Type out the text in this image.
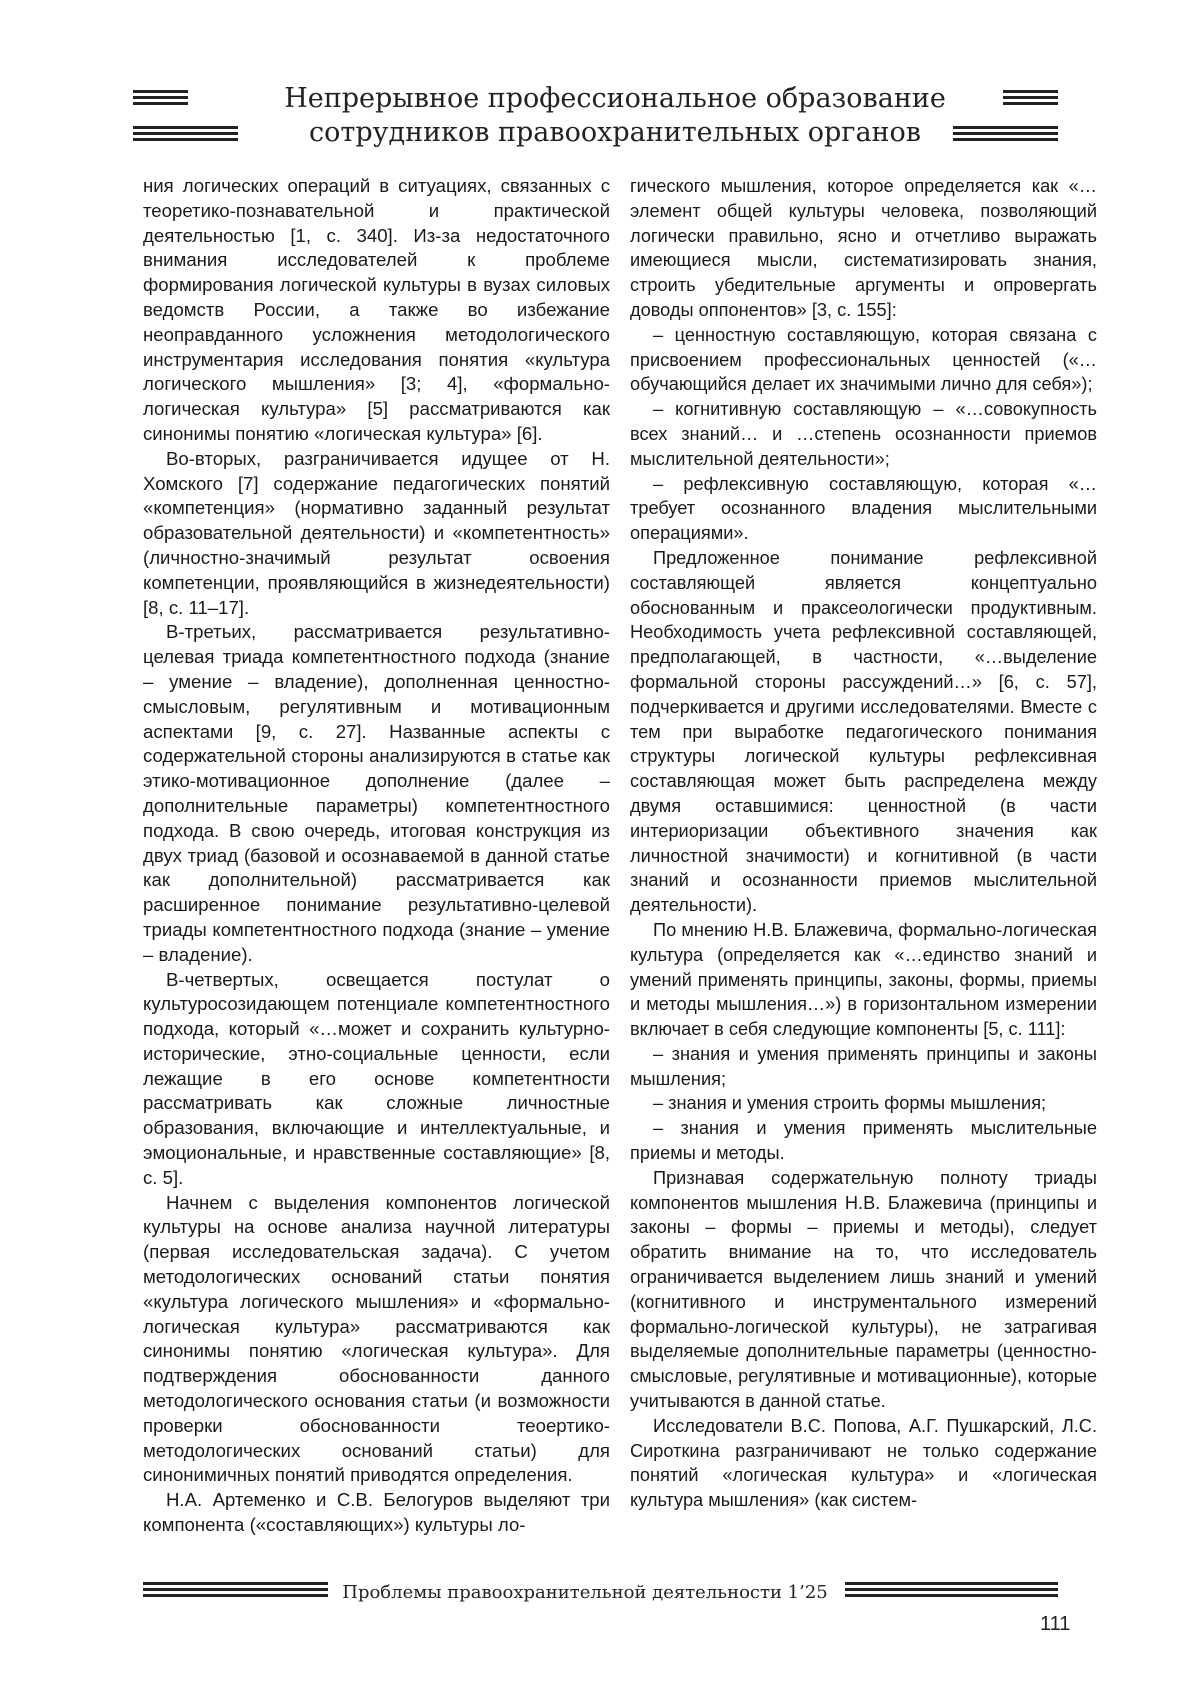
Непрерывное профессиональное образование
сотрудников правоохранительных органов

ния логических операций в ситуациях, связанных с теоретико-познавательной и практической деятельностью [1, с. 340]. Из-за недостаточного внимания исследователей к проблеме формирования логической культуры в вузах силовых ведомств России, а также во избежание неоправданного усложнения методологического инструментария исследования понятия «культура логического мышления» [3; 4], «формально-логическая культура» [5] рассматриваются как синонимы понятию «логическая культура» [6].

Во-вторых, разграничивается идущее от Н. Хомского [7] содержание педагогических понятий «компетенция» (нормативно заданный результат образовательной деятельности) и «компетентность» (личностно-значимый результат освоения компетенции, проявляющийся в жизнедеятельности) [8, с. 11–17].

В-третьих, рассматривается результативно-целевая триада компетентностного подхода (знание – умение – владение), дополненная ценностно-смысловым, регулятивным и мотивационным аспектами [9, с. 27]. Названные аспекты с содержательной стороны анализируются в статье как этико-мотивационное дополнение (далее – дополнительные параметры) компетентностного подхода. В свою очередь, итоговая конструкция из двух триад (базовой и осознаваемой в данной статье как дополнительной) рассматривается как расширенное понимание результативно-целевой триады компетентностного подхода (знание – умение – владение).

В-четвертых, освещается постулат о культуросозидающем потенциале компетентностного подхода, который «…может и сохранить культурно-исторические, этно-социальные ценности, если лежащие в его основе компетентности рассматривать как сложные личностные образования, включающие и интеллектуальные, и эмоциональные, и нравственные составляющие» [8, с. 5].

Начнем с выделения компонентов логической культуры на основе анализа научной литературы (первая исследовательская задача). С учетом методологических оснований статьи понятия «культура логического мышления» и «формально-логическая культура» рассматриваются как синонимы понятию «логическая культура». Для подтверждения обоснованности данного методологического основания статьи (и возможности проверки обоснованности теоертико-методологических оснований статьи) для синонимичных понятий приводятся определения.

Н.А. Артеменко и С.В. Белогуров выделяют три компонента («составляющих») культуры ло-

гического мышления, которое определяется как «…элемент общей культуры человека, позволяющий логически правильно, ясно и отчетливо выражать имеющиеся мысли, систематизировать знания, строить убедительные аргументы и опровергать доводы оппонентов» [3, с. 155]:

– ценностную составляющую, которая связана с присвоением профессиональных ценностей («…обучающийся делает их значимыми лично для себя»);

– когнитивную составляющую – «…совокупность всех знаний… и …степень осознанности приемов мыслительной деятельности»;

– рефлексивную составляющую, которая «…требует осознанного владения мыслительными операциями».

Предложенное понимание рефлексивной составляющей является концептуально обоснованным и праксеологически продуктивным. Необходимость учета рефлексивной составляющей, предполагающей, в частности, «…выделение формальной стороны рассуждений…» [6, с. 57], подчеркивается и другими исследователями. Вместе с тем при выработке педагогического понимания структуры логической культуры рефлексивная составляющая может быть распределена между двумя оставшимися: ценностной (в части интериоризации объективного значения как личностной значимости) и когнитивной (в части знаний и осознанности приемов мыслительной деятельности).

По мнению Н.В. Блажевича, формально-логическая культура (определяется как «…единство знаний и умений применять принципы, законы, формы, приемы и методы мышления…») в горизонтальном измерении включает в себя следующие компоненты [5, с. 111]:

– знания и умения применять принципы и законы мышления;

– знания и умения строить формы мышления;

– знания и умения применять мыслительные приемы и методы.

Признавая содержательную полноту триады компонентов мышления Н.В. Блажевича (принципы и законы – формы – приемы и методы), следует обратить внимание на то, что исследователь ограничивается выделением лишь знаний и умений (когнитивного и инструментального измерений формально-логической культуры), не затрагивая выделяемые дополнительные параметры (ценностно-смысловые, регулятивные и мотивационные), которые учитываются в данной статье.

Исследователи В.С. Попова, А.Г. Пушкарский, Л.С. Сироткина разграничивают не только содержание понятий «логическая культура» и «логическая культура мышления» (как систем-

Проблемы правоохранительной деятельности 1’25
111
